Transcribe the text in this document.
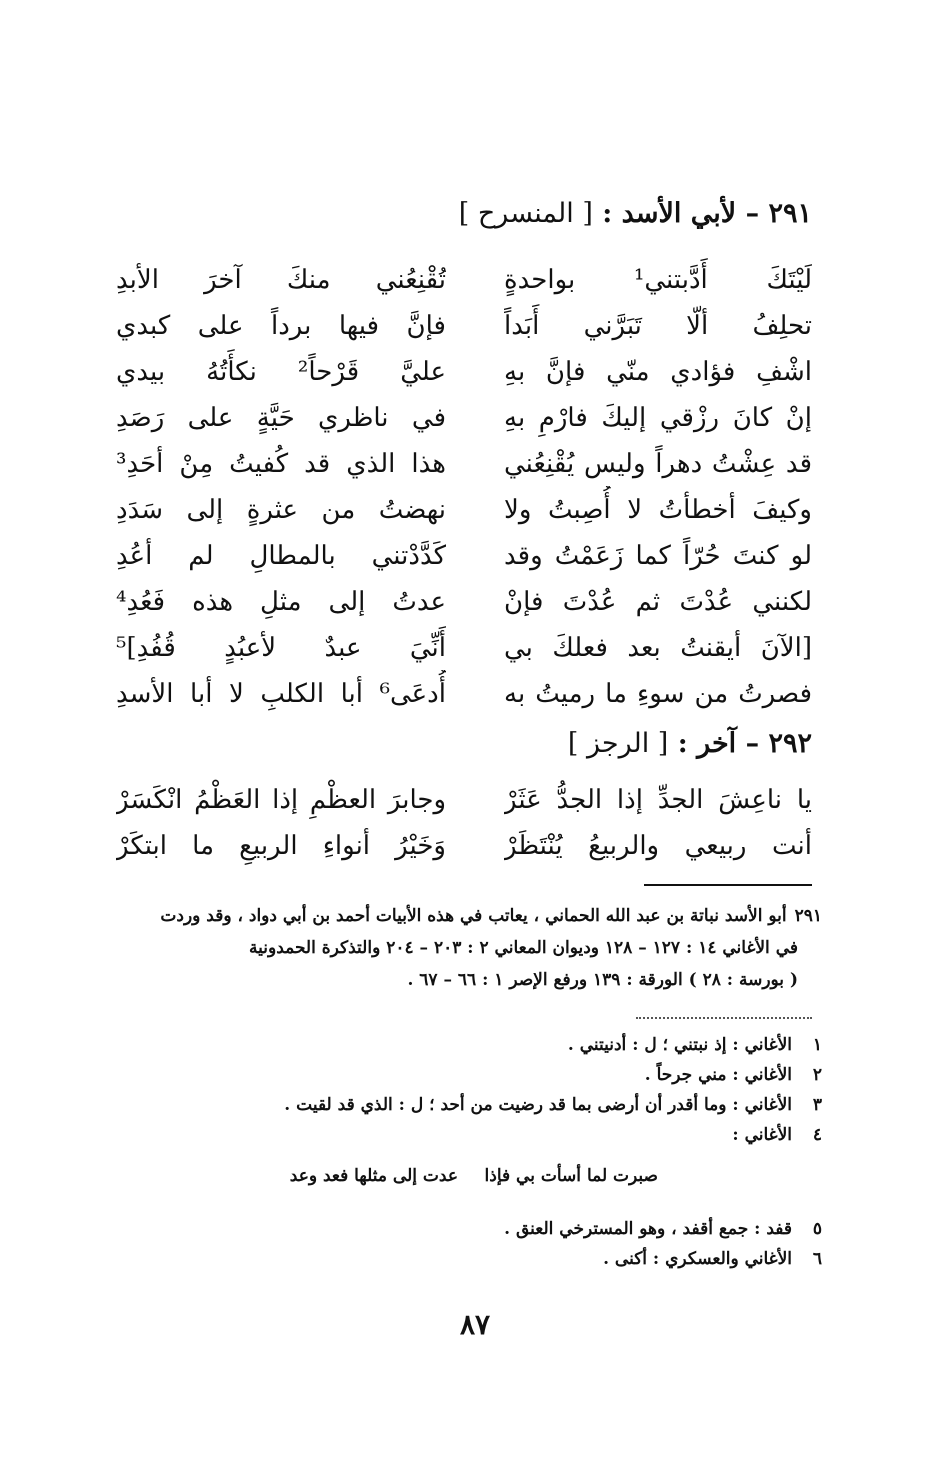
٢٩١ – لأبي الأسد : [ المنسرح ]
لَيْتَكَ أَدَّبتني¹ بواحدةٍ
تُقْنِعُني منكَ آخرَ الأبدِ
تحلِفُ ألّا تَبَرَّني أَبَداً
فإنَّ فيها برداً على كبدي
اشْفِ فؤادي منّي فإنَّ بهِ
عليَّ قَرْحاً² نكأَتُهُ بيدي
إنْ كانَ رزْقي إليكَ فارْمِ بهِ
في ناظري حَيَّةٍ على رَصَدِ
قد عِشْتُ دهراً وليس يُقْنِعُني
هذا الذي قد كُفيتُ مِنْ أحَدِ³
وكيفَ أخطأتُ لا أُصِبتُ ولا
نهضتُ من عثرةٍ إلى سَدَدِ
لو كنتَ حُرّاً كما زَعَمْتُ وقد
كَدَّدْتني بالمطالِ لم أعُدِ
لكنني عُدْتَ ثم عُدْتَ فإنْ
عدتُ إلى مثلِ هذه فَعُدِ⁴
[الآنَ أيقنتُ بعد فعلكَ بي
أَنِّيَ عبدٌ لأعبُدٍ قُفُدِ]⁵
فصرتُ من سوءِ ما رميتُ به
أُدعَى⁶ أبا الكلبِ لا أبا الأسدِ
٢٩٢ – آخر : [ الرجز ]
يا ناعِشَ الجدِّ إذا الجدُّ عَثَرْ
وجابرَ العظْمِ إذا العَظْمُ انْكَسَرْ
أنت ربيعي والربيعُ يُنْتَظَرْ
وَخَيْرُ أنواءِ الربيعِ ما ابتكَرْ
٢٩١أبو الأسد نباتة بن عبد الله الحماني ، يعاتب في هذه الأبيات أحمد بن أبي دواد ، وقد وردت
في الأغاني ١٤ : ١٢٧ – ١٢٨ وديوان المعاني ٢ : ٢٠٣ – ٢٠٤ والتذكرة الحمدونية
( بورسة : ٢٨ ) الورقة : ١٣٩ ورفع الإصر ١ : ٦٦ – ٦٧ .
١الأغاني : إذ نبتني ؛ ل : أدنيتني .
٢الأغاني : مني جرحاً .
٣الأغاني : وما أقدر أن أرضى بما قد رضيت من أحد ؛ ل : الذي قد لقيت .
٤الأغاني :
صبرت لما أسأت بي فإذا
عدت إلى مثلها فعد وعد
٥قفد : جمع أقفد ، وهو المسترخي العنق .
٦الأغاني والعسكري : أكنى .
٨٧
